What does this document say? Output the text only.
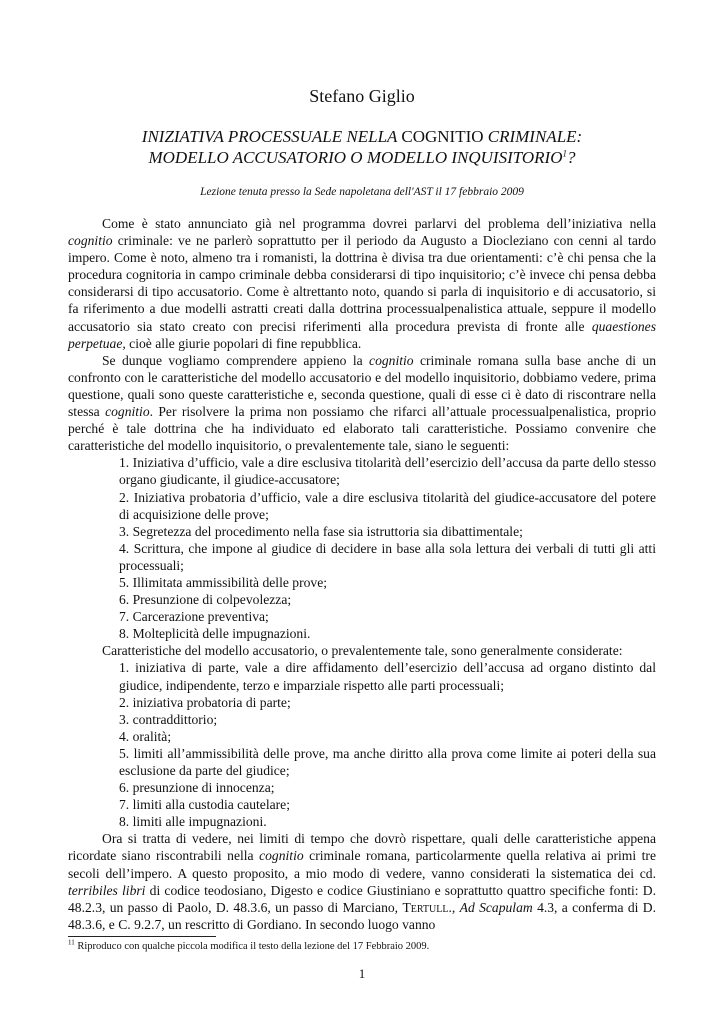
Stefano Giglio
INIZIATIVA PROCESSUALE NELLA COGNITIO CRIMINALE:
MODELLO ACCUSATORIO O MODELLO INQUISITORIO$^1$?
Lezione tenuta presso la Sede napoletana dell'AST il 17 febbraio 2009

Come è stato annunciato già nel programma dovrei parlarvi del problema dell’iniziativa nella cognitio criminale: ve ne parlerò soprattutto per il periodo da Augusto a Diocleziano con cenni al tardo impero. Come è noto, almeno tra i romanisti, la dottrina è divisa tra due orientamenti: c’è chi pensa che la procedura cognitoria in campo criminale debba considerarsi di tipo inquisitorio; c’è invece chi pensa debba considerarsi di tipo accusatorio. Come è altrettanto noto, quando si parla di inquisitorio e di accusatorio, si fa riferimento a due modelli astratti creati dalla dottrina processualpenalistica attuale, seppure il modello accusatorio sia stato creato con precisi riferimenti alla procedura prevista di fronte alle quaestiones perpetuae, cioè alle giurie popolari di fine repubblica.

Se dunque vogliamo comprendere appieno la cognitio criminale romana sulla base anche di un confronto con le caratteristiche del modello accusatorio e del modello inquisitorio, dobbiamo vedere, prima questione, quali sono queste caratteristiche e, seconda questione, quali di esse ci è dato di riscontrare nella stessa cognitio. Per risolvere la prima non possiamo che rifarci all’attuale processualpenalistica, proprio perché è tale dottrina che ha individuato ed elaborato tali caratteristiche. Possiamo convenire che caratteristiche del modello inquisitorio, o prevalentemente tale, siano le seguenti:

1. Iniziativa d’ufficio, vale a dire esclusiva titolarità dell’esercizio dell’accusa da parte dello stesso organo giudicante, il giudice-accusatore;
2. Iniziativa probatoria d’ufficio, vale a dire esclusiva titolarità del giudice-accusatore del potere di acquisizione delle prove;
3. Segretezza del procedimento nella fase sia istruttoria sia dibattimentale;
4. Scrittura, che impone al giudice di decidere in base alla sola lettura dei verbali di tutti gli atti processuali;
5. Illimitata ammissibilità delle prove;
6. Presunzione di colpevolezza;
7. Carcerazione preventiva;
8. Molteplicità delle impugnazioni.

Caratteristiche del modello accusatorio, o prevalentemente tale, sono generalmente considerate:

1. iniziativa di parte, vale a dire affidamento dell’esercizio dell’accusa ad organo distinto dal giudice, indipendente, terzo e imparziale rispetto alle parti processuali;
2. iniziativa probatoria di parte;
3. contraddittorio;
4. oralità;
5. limiti all’ammissibilità delle prove, ma anche diritto alla prova come limite ai poteri della sua esclusione da parte del giudice;
6. presunzione di innocenza;
7. limiti alla custodia cautelare;
8. limiti alle impugnazioni.

Ora si tratta di vedere, nei limiti di tempo che dovrò rispettare, quali delle caratteristiche appena ricordate siano riscontrabili nella cognitio criminale romana, particolarmente quella relativa ai primi tre secoli dell’impero. A questo proposito, a mio modo di vedere, vanno considerati la sistematica dei cd. terribiles libri di codice teodosiano, Digesto e codice Giustiniano e soprattutto quattro specifiche fonti: D. 48.2.3, un passo di Paolo, D. 48.3.6, un passo di Marciano, Tertull., Ad Scapulam 4.3, a conferma di D. 48.3.6, e C. 9.2.7, un rescritto di Gordiano. In secondo luogo vanno

$^{11}$ Riproduco con qualche piccola modifica il testo della lezione del 17 Febbraio 2009.
1
